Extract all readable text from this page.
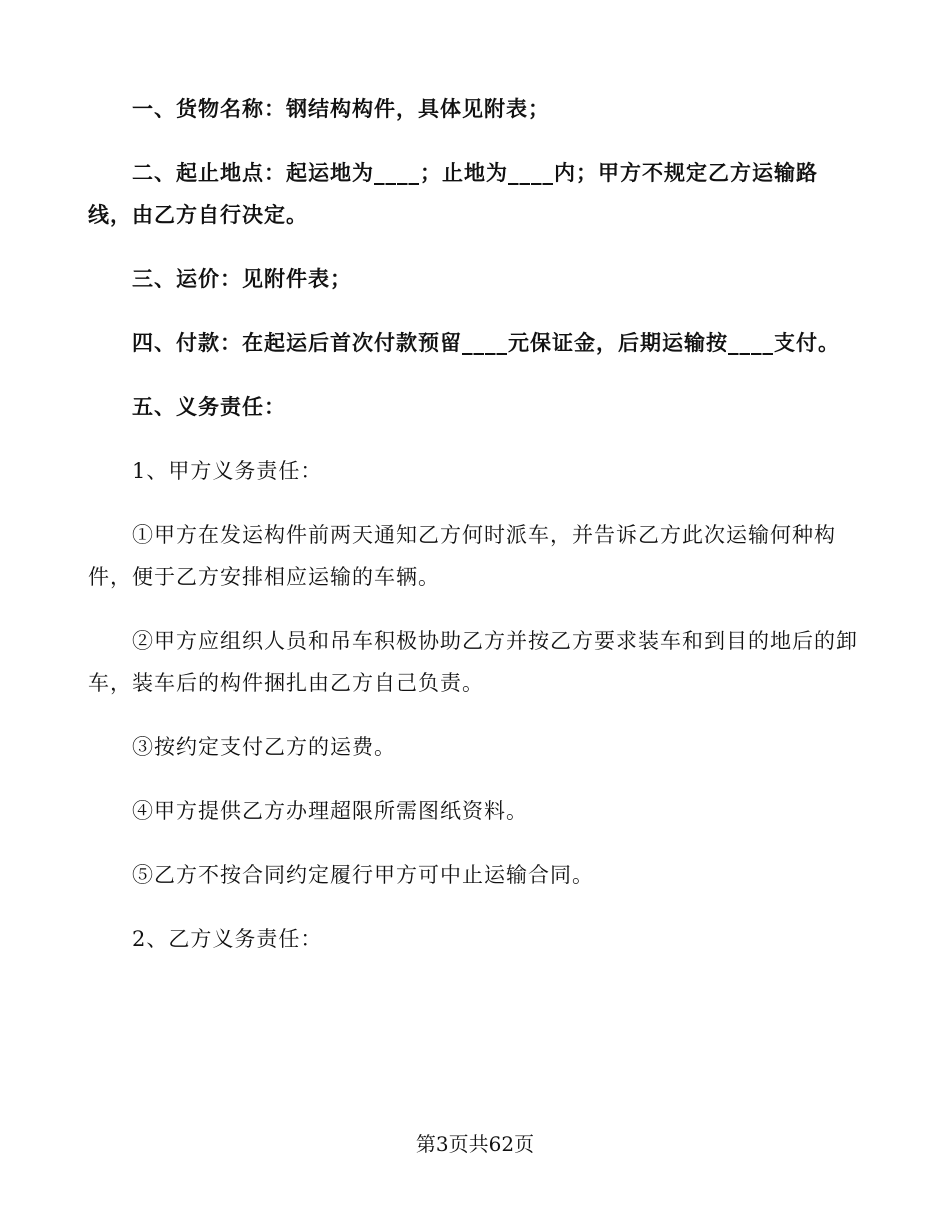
一、货物名称：钢结构构件，具体见附表；

二、起止地点：起运地为____；止地为____内；甲方不规定乙方运输路线，由乙方自行决定。

三、运价：见附件表；

四、付款：在起运后首次付款预留____元保证金，后期运输按____支付。

五、义务责任：

1、甲方义务责任：

①甲方在发运构件前两天通知乙方何时派车，并告诉乙方此次运输何种构件，便于乙方安排相应运输的车辆。

②甲方应组织人员和吊车积极协助乙方并按乙方要求装车和到目的地后的卸车，装车后的构件捆扎由乙方自己负责。

③按约定支付乙方的运费。

④甲方提供乙方办理超限所需图纸资料。

⑤乙方不按合同约定履行甲方可中止运输合同。

2、乙方义务责任：

第3页共62页
